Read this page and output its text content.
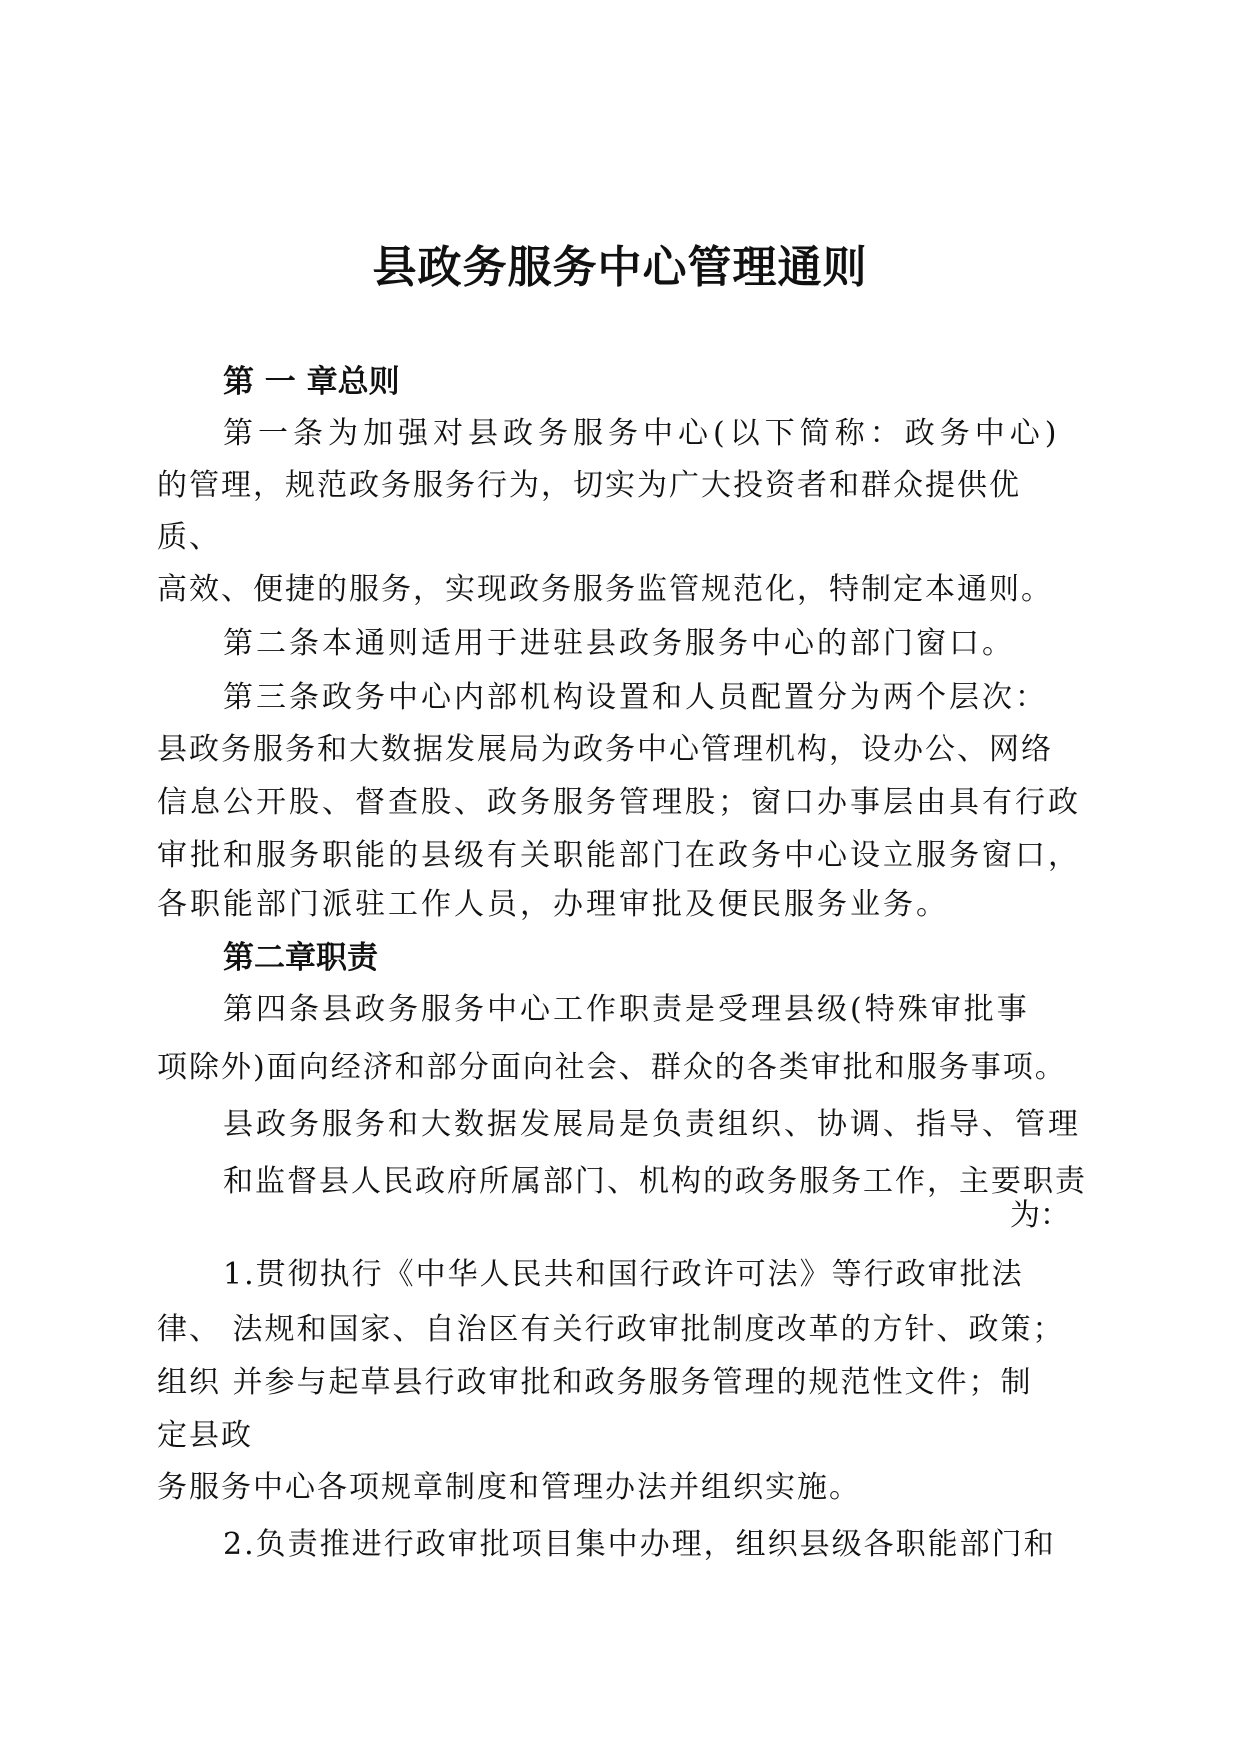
县政务服务中心管理通则
第 一 章总则
第一条为加强对县政务服务中心(以下简称：政务中心)
的管理，规范政务服务行为，切实为广大投资者和群众提供优
质、
高效、便捷的服务，实现政务服务监管规范化，特制定本通则。
第二条本通则适用于进驻县政务服务中心的部门窗口。
第三条政务中心内部机构设置和人员配置分为两个层次：
县政务服务和大数据发展局为政务中心管理机构，设办公、网络
信息公开股、督查股、政务服务管理股；窗口办事层由具有行政
审批和服务职能的县级有关职能部门在政务中心设立服务窗口，
各职能部门派驻工作人员，办理审批及便民服务业务。
第二章职责
第四条县政务服务中心工作职责是受理县级(特殊审批事
项除外)面向经济和部分面向社会、群众的各类审批和服务事项。
县政务服务和大数据发展局是负责组织、协调、指导、管理
和监督县人民政府所属部门、机构的政务服务工作，主要职责
为：
1.贯彻执行《中华人民共和国行政许可法》等行政审批法
律、 法规和国家、自治区有关行政审批制度改革的方针、政策；
组织 并参与起草县行政审批和政务服务管理的规范性文件；制
定县政
务服务中心各项规章制度和管理办法并组织实施。
2.负责推进行政审批项目集中办理，组织县级各职能部门和
